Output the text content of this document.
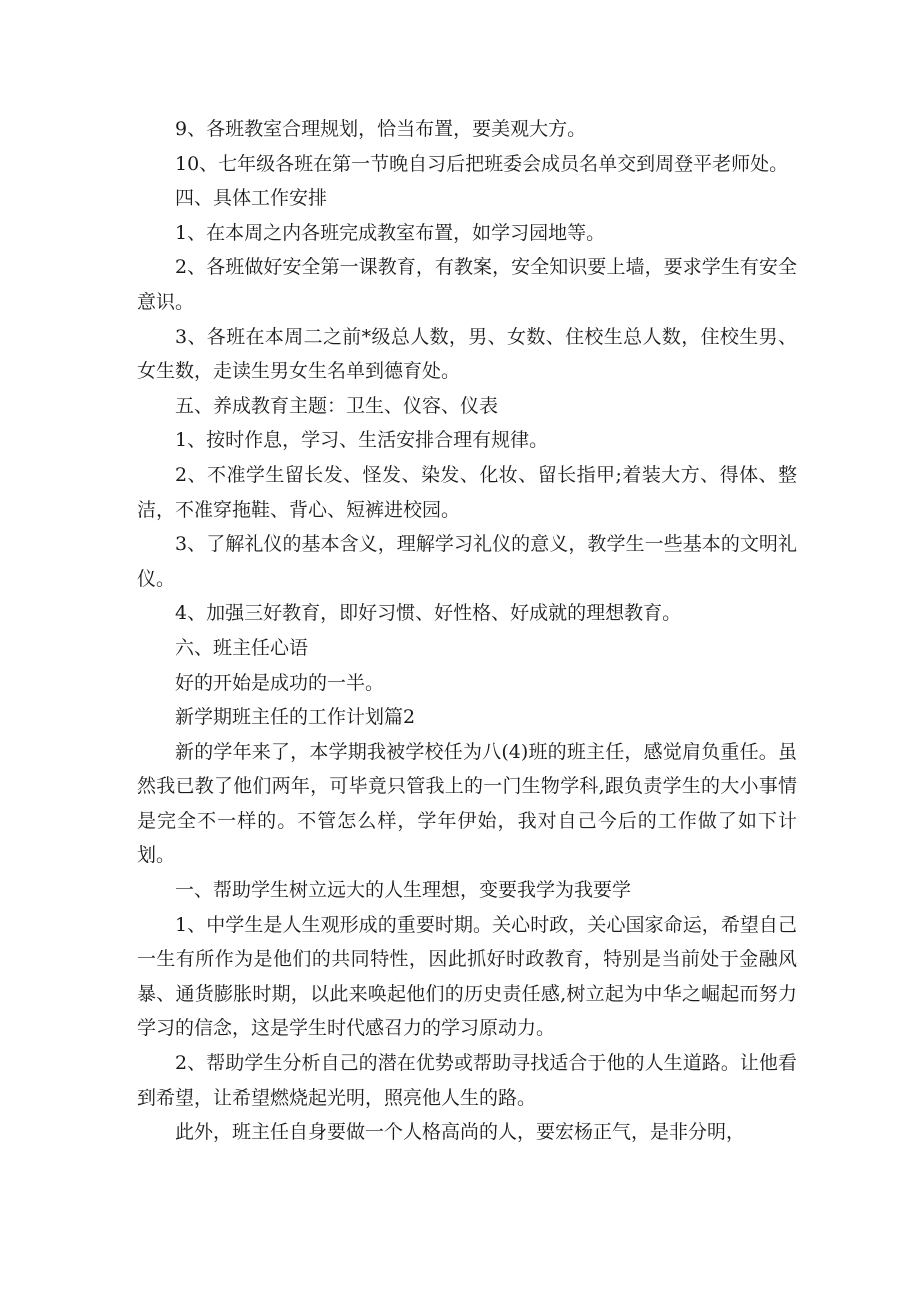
9、各班教室合理规划，恰当布置，要美观大方。

10、七年级各班在第一节晚自习后把班委会成员名单交到周登平老师处。

四、具体工作安排

1、在本周之内各班完成教室布置，如学习园地等。

2、各班做好安全第一课教育，有教案，安全知识要上墙，要求学生有安全意识。

3、各班在本周二之前*级总人数，男、女数、住校生总人数，住校生男、女生数，走读生男女生名单到德育处。

五、养成教育主题：卫生、仪容、仪表

1、按时作息，学习、生活安排合理有规律。

2、不准学生留长发、怪发、染发、化妆、留长指甲;着装大方、得体、整洁，不准穿拖鞋、背心、短裤进校园。

3、了解礼仪的基本含义，理解学习礼仪的意义，教学生一些基本的文明礼仪。

4、加强三好教育，即好习惯、好性格、好成就的理想教育。

六、班主任心语

好的开始是成功的一半。

新学期班主任的工作计划篇2

新的学年来了，本学期我被学校任为八(4)班的班主任，感觉肩负重任。虽然我已教了他们两年，可毕竟只管我上的一门生物学科,跟负责学生的大小事情是完全不一样的。不管怎么样，学年伊始，我对自己今后的工作做了如下计划。

一、帮助学生树立远大的人生理想，变要我学为我要学

1、中学生是人生观形成的重要时期。关心时政，关心国家命运，希望自己一生有所作为是他们的共同特性，因此抓好时政教育，特别是当前处于金融风暴、通货膨胀时期，以此来唤起他们的历史责任感,树立起为中华之崛起而努力学习的信念，这是学生时代感召力的学习原动力。

2、帮助学生分析自己的潜在优势或帮助寻找适合于他的人生道路。让他看到希望，让希望燃烧起光明，照亮他人生的路。

此外，班主任自身要做一个人格高尚的人，要宏杨正气，是非分明，
